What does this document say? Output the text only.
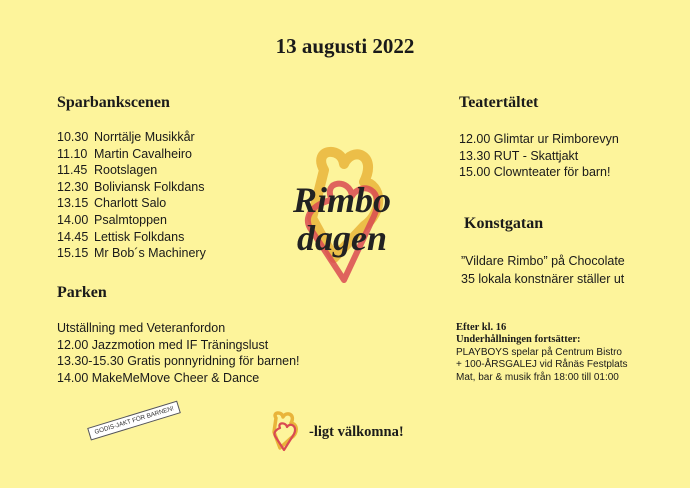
13 augusti 2022
Sparbankscenen
10.30 Norrtälje Musikkår
11.10 Martin Cavalheiro
11.45 Rootslagen
12.30 Boliviansk Folkdans
13.15 Charlott Salo
14.00 Psalmtoppen
14.45 Lettisk Folkdans
15.15 Mr Bob´s Machinery
Parken
Utställning med Veteranfordon
12.00 Jazzmotion med IF Träningslust
13.30-15.30 Gratis ponnyridning för barnen!
14.00 MakeMeMove Cheer & Dance
Teatertältet
12.00 Glimtar ur Rimborevyn
13.30 RUT - Skattjakt
15.00 Clownteater för barn!
Konstgatan
”Vildare Rimbo” på Chocolate
35 lokala konstnärer ställer ut
Efter kl. 16
Underhållningen fortsätter:
PLAYBOYS spelar på Centrum Bistro
+ 100-ÅRSGALEJ vid Rånäs Festplats
Mat, bar & musik från 18:00 till 01:00
Rimbo
dagen
GODIS-JAKT FÖR BARNEN!	-ligt välkomna!
